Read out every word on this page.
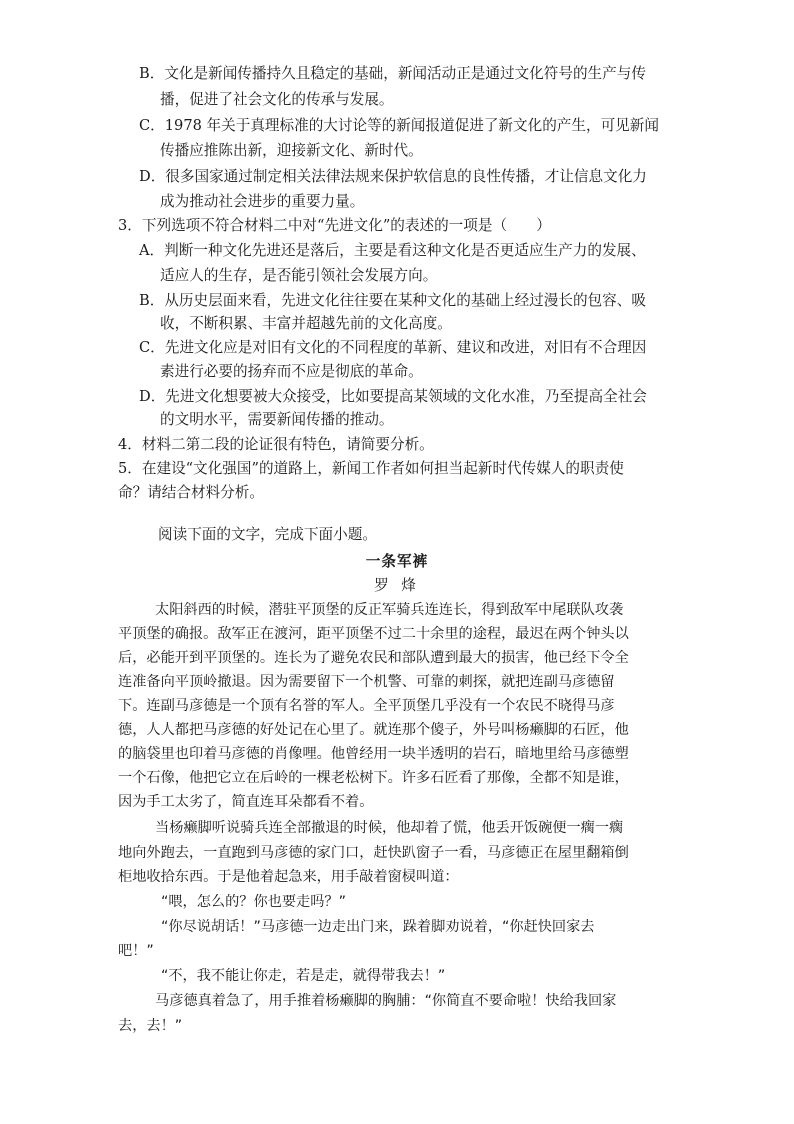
B．文化是新闻传播持久且稳定的基础，新闻活动正是通过文化符号的生产与传
播，促进了社会文化的传承与发展。
C．1978 年关于真理标准的大讨论等的新闻报道促进了新文化的产生，可见新闻
传播应推陈出新，迎接新文化、新时代。
D．很多国家通过制定相关法律法规来保护软信息的良性传播，才让信息文化力
成为推动社会进步的重要力量。
3．下列选项不符合材料二中对“先进文化”的表述的一项是（　　）
A．判断一种文化先进还是落后，主要是看这种文化是否更适应生产力的发展、
适应人的生存，是否能引领社会发展方向。
B．从历史层面来看，先进文化往往要在某种文化的基础上经过漫长的包容、吸
收，不断积累、丰富并超越先前的文化高度。
C．先进文化应是对旧有文化的不同程度的革新、建议和改进，对旧有不合理因
素进行必要的扬弃而不应是彻底的革命。
D．先进文化想要被大众接受，比如要提高某领域的文化水准，乃至提高全社会
的文明水平，需要新闻传播的推动。
4．材料二第二段的论证很有特色，请简要分析。
5．在建设“文化强国”的道路上，新闻工作者如何担当起新时代传媒人的职责使
命？请结合材料分析。
阅读下面的文字，完成下面小题。
一条军裤
罗 烽
太阳斜西的时候，潜驻平顶堡的反正军骑兵连连长，得到敌军中尾联队攻袭
平顶堡的确报。敌军正在渡河，距平顶堡不过二十余里的途程，最迟在两个钟头以
后，必能开到平顶堡的。连长为了避免农民和部队遭到最大的损害，他已经下令全
连准备向平顶岭撤退。因为需要留下一个机警、可靠的刺探，就把连副马彦德留
下。连副马彦德是一个顶有名誉的军人。全平顶堡几乎没有一个农民不晓得马彦
德，人人都把马彦德的好处记在心里了。就连那个傻子，外号叫杨癞脚的石匠，他
的脑袋里也印着马彦德的肖像哩。他曾经用一块半透明的岩石，暗地里给马彦德塑
一个石像，他把它立在后岭的一棵老松树下。许多石匠看了那像，全都不知是谁，
因为手工太劣了，简直连耳朵都看不着。
当杨癞脚听说骑兵连全部撤退的时候，他却着了慌，他丢开饭碗便一瘸一瘸
地向外跑去，一直跑到马彦德的家门口，赶快趴窗子一看，马彦德正在屋里翻箱倒
柜地收拾东西。于是他着起急来，用手敲着窗棂叫道：
“喂，怎么的？你也要走吗？”
“你尽说胡话！”马彦德一边走出门来，跺着脚劝说着，“你赶快回家去
吧！”
“不，我不能让你走，若是走，就得带我去！”
马彦德真着急了，用手推着杨癞脚的胸脯：“你简直不要命啦！快给我回家
去，去！”
